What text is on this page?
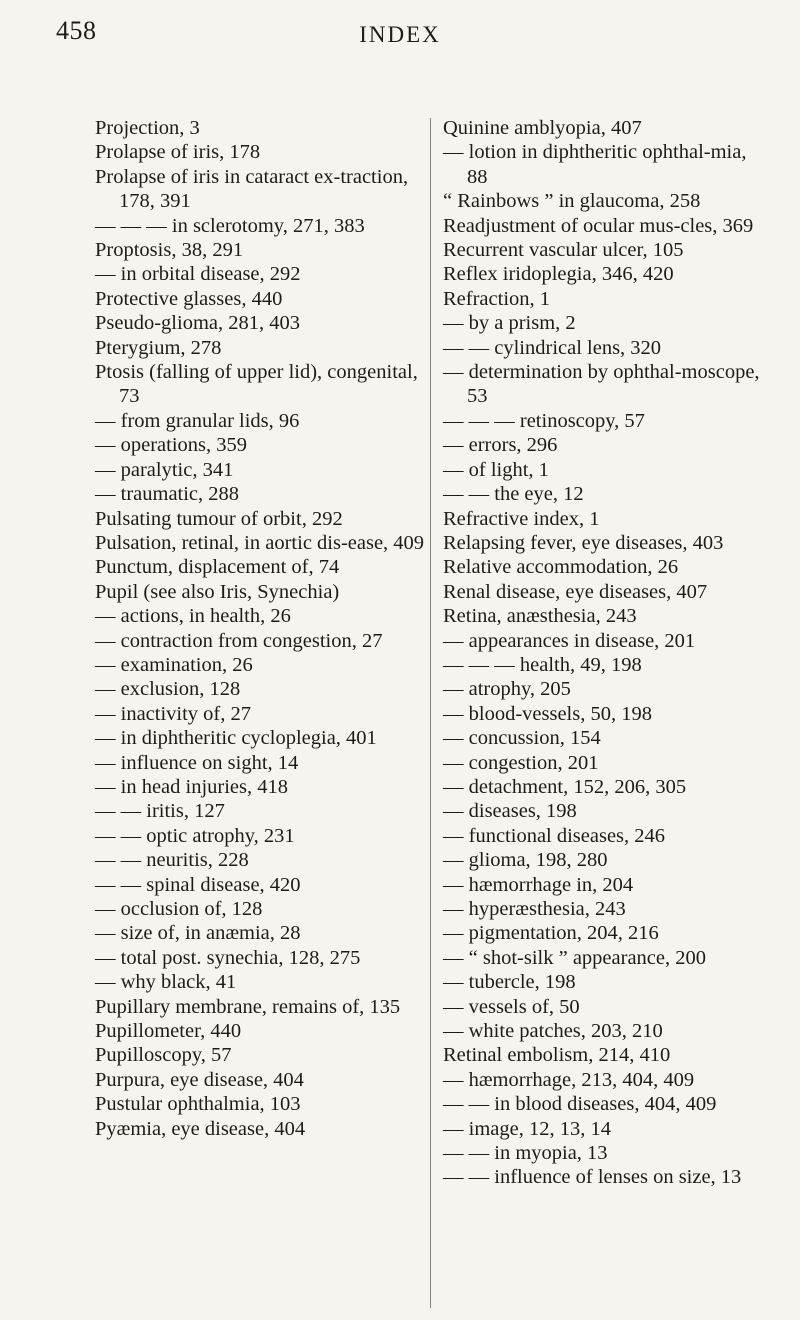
458	INDEX
Projection, 3
Prolapse of iris, 178
Prolapse of iris in cataract ex-traction, 178, 391
— — — in sclerotomy, 271, 383
Proptosis, 38, 291
— in orbital disease, 292
Protective glasses, 440
Pseudo-glioma, 281, 403
Pterygium, 278
Ptosis (falling of upper lid), congenital, 73
— from granular lids, 96
— operations, 359
— paralytic, 341
— traumatic, 288
Pulsating tumour of orbit, 292
Pulsation, retinal, in aortic dis-ease, 409
Punctum, displacement of, 74
Pupil (see also Iris, Synechia)
— actions, in health, 26
— contraction from congestion, 27
— examination, 26
— exclusion, 128
— inactivity of, 27
— in diphtheritic cycloplegia, 401
— influence on sight, 14
— in head injuries, 418
— — iritis, 127
— — optic atrophy, 231
— — neuritis, 228
— — spinal disease, 420
— occlusion of, 128
— size of, in anæmia, 28
— total post. synechia, 128, 275
— why black, 41
Pupillary membrane, remains of, 135
Pupillometer, 440
Pupilloscopy, 57
Purpura, eye disease, 404
Pustular ophthalmia, 103
Pyæmia, eye disease, 404
Quinine amblyopia, 407
— lotion in diphtheritic ophthal-mia, 88
“ Rainbows ” in glaucoma, 258
Readjustment of ocular mus-cles, 369
Recurrent vascular ulcer, 105
Reflex iridoplegia, 346, 420
Refraction, 1
— by a prism, 2
— — cylindrical lens, 320
— determination by ophthal-moscope, 53
— — — retinoscopy, 57
— errors, 296
— of light, 1
— — the eye, 12
Refractive index, 1
Relapsing fever, eye diseases, 403
Relative accommodation, 26
Renal disease, eye diseases, 407
Retina, anæsthesia, 243
— appearances in disease, 201
— — — health, 49, 198
— atrophy, 205
— blood-vessels, 50, 198
— concussion, 154
— congestion, 201
— detachment, 152, 206, 305
— diseases, 198
— functional diseases, 246
— glioma, 198, 280
— hæmorrhage in, 204
— hyperæsthesia, 243
— pigmentation, 204, 216
— “ shot-silk ” appearance, 200
— tubercle, 198
— vessels of, 50
— white patches, 203, 210
Retinal embolism, 214, 410
— hæmorrhage, 213, 404, 409
— — in blood diseases, 404, 409
— image, 12, 13, 14
— — in myopia, 13
— — influence of lenses on size, 13
